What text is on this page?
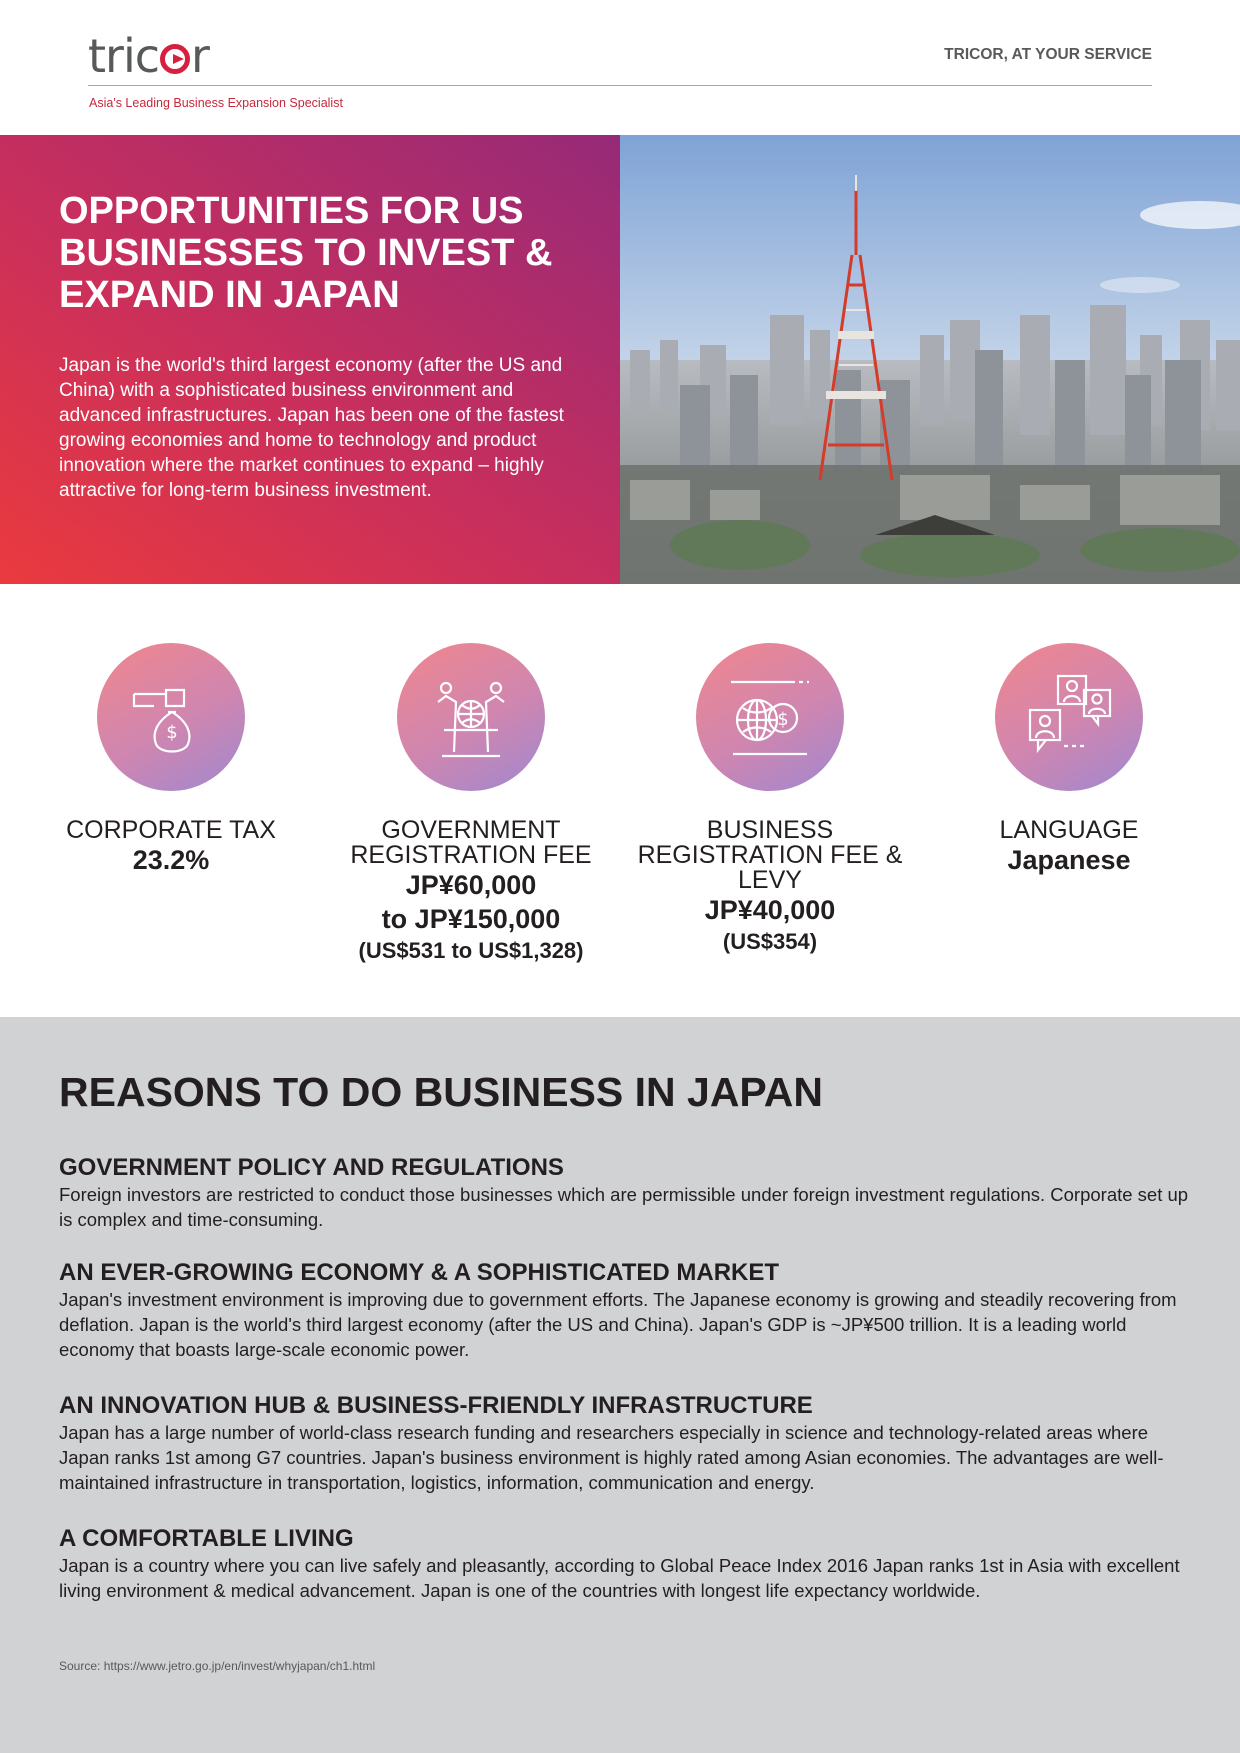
tric r	TRICOR, AT YOUR SERVICE
Asia's Leading Business Expansion Specialist
OPPORTUNITIES FOR US BUSINESSES TO INVEST & EXPAND IN JAPAN

Japan is the world's third largest economy (after the US and China) with a sophisticated business environment and advanced infrastructures. Japan has been one of the fastest growing economies and home to technology and product innovation where the market continues to expand – highly attractive for long-term business investment.

$
CORPORATE TAX
23.2%
GOVERNMENT REGISTRATION FEE
JP¥60,000
to JP¥150,000
(US$531 to US$1,328)
$
BUSINESS REGISTRATION FEE & LEVY
JP¥40,000
(US$354)
LANGUAGE
Japanese
REASONS TO DO BUSINESS IN JAPAN
GOVERNMENT POLICY AND REGULATIONS

Foreign investors are restricted to conduct those businesses which are permissible under foreign investment regulations. Corporate set up is complex and time-consuming.

AN EVER-GROWING ECONOMY & A SOPHISTICATED MARKET

Japan's investment environment is improving due to government efforts. The Japanese economy is growing and steadily recovering from deflation. Japan is the world's third largest economy (after the US and China). Japan's GDP is ~JP¥500 trillion. It is a leading world economy that boasts large-scale economic power.

AN INNOVATION HUB & BUSINESS-FRIENDLY INFRASTRUCTURE

Japan has a large number of world-class research funding and researchers especially in science and technology-related areas where Japan ranks 1st among G7 countries. Japan's business environment is highly rated among Asian economies. The advantages are well-maintained infrastructure in transportation, logistics, information, communication and energy.

A COMFORTABLE LIVING

Japan is a country where you can live safely and pleasantly, according to Global Peace Index 2016 Japan ranks 1st in Asia with excellent living environment & medical advancement. Japan is one of the countries with longest life expectancy worldwide.

Source: https://www.jetro.go.jp/en/invest/whyjapan/ch1.html
